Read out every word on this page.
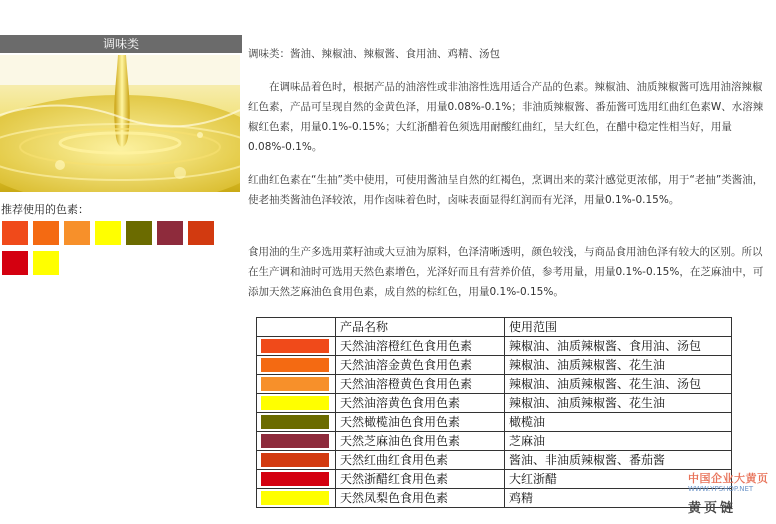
调味类
推荐使用的色素：
调味类：酱油、辣椒油、辣椒酱、食用油、鸡精、汤包
在调味品着色时，根据产品的油溶性或非油溶性选用适合产品的色素。辣椒油、油质辣椒酱可选用油溶辣椒红色素，产品可呈现自然的金黄色泽，用量0.08%-0.1%；非油质辣椒酱、番茄酱可选用红曲红色素W、水溶辣椒红色素，用量0.1%-0.15%；大红浙醋着色须选用耐酸红曲红，呈大红色，在醋中稳定性相当好，用量0.08%-0.1%。
红曲红色素在“生抽”类中使用，可使用酱油呈自然的红褐色，烹调出来的菜汁感觉更浓郁，用于“老抽”类酱油，使老抽类酱油色泽较浓，用作卤味着色时，卤味表面显得红润而有光泽，用量0.1%-0.15%。
食用油的生产多选用菜籽油或大豆油为原料，色泽清晰透明，颜色较浅，与商品食用油色泽有较大的区别。所以在生产调和油时可选用天然色素增色，光泽好而且有营养价值，参考用量，用量0.1%-0.15%，在芝麻油中，可添加天然芝麻油色食用色素，成自然的棕红色，用量0.1%-0.15%。
	产品名称	使用范围

	天然油溶橙红色食用色素	辣椒油、油质辣椒酱、食用油、汤包

	天然油溶金黄色食用色素	辣椒油、油质辣椒酱、花生油

	天然油溶橙黄色食用色素	辣椒油、油质辣椒酱、花生油、汤包

	天然油溶黄色食用色素	辣椒油、油质辣椒酱、花生油

	天然橄榄油色食用色素	橄榄油

	天然芝麻油色食用色素	芝麻油

	天然红曲红食用色素	酱油、非油质辣椒酱、番茄酱

	天然浙醋红食用色素	大红浙醋

	天然凤梨色食用色素	鸡精
中国企业大黄页
WWW.YPSHOP.NET
黄页链
